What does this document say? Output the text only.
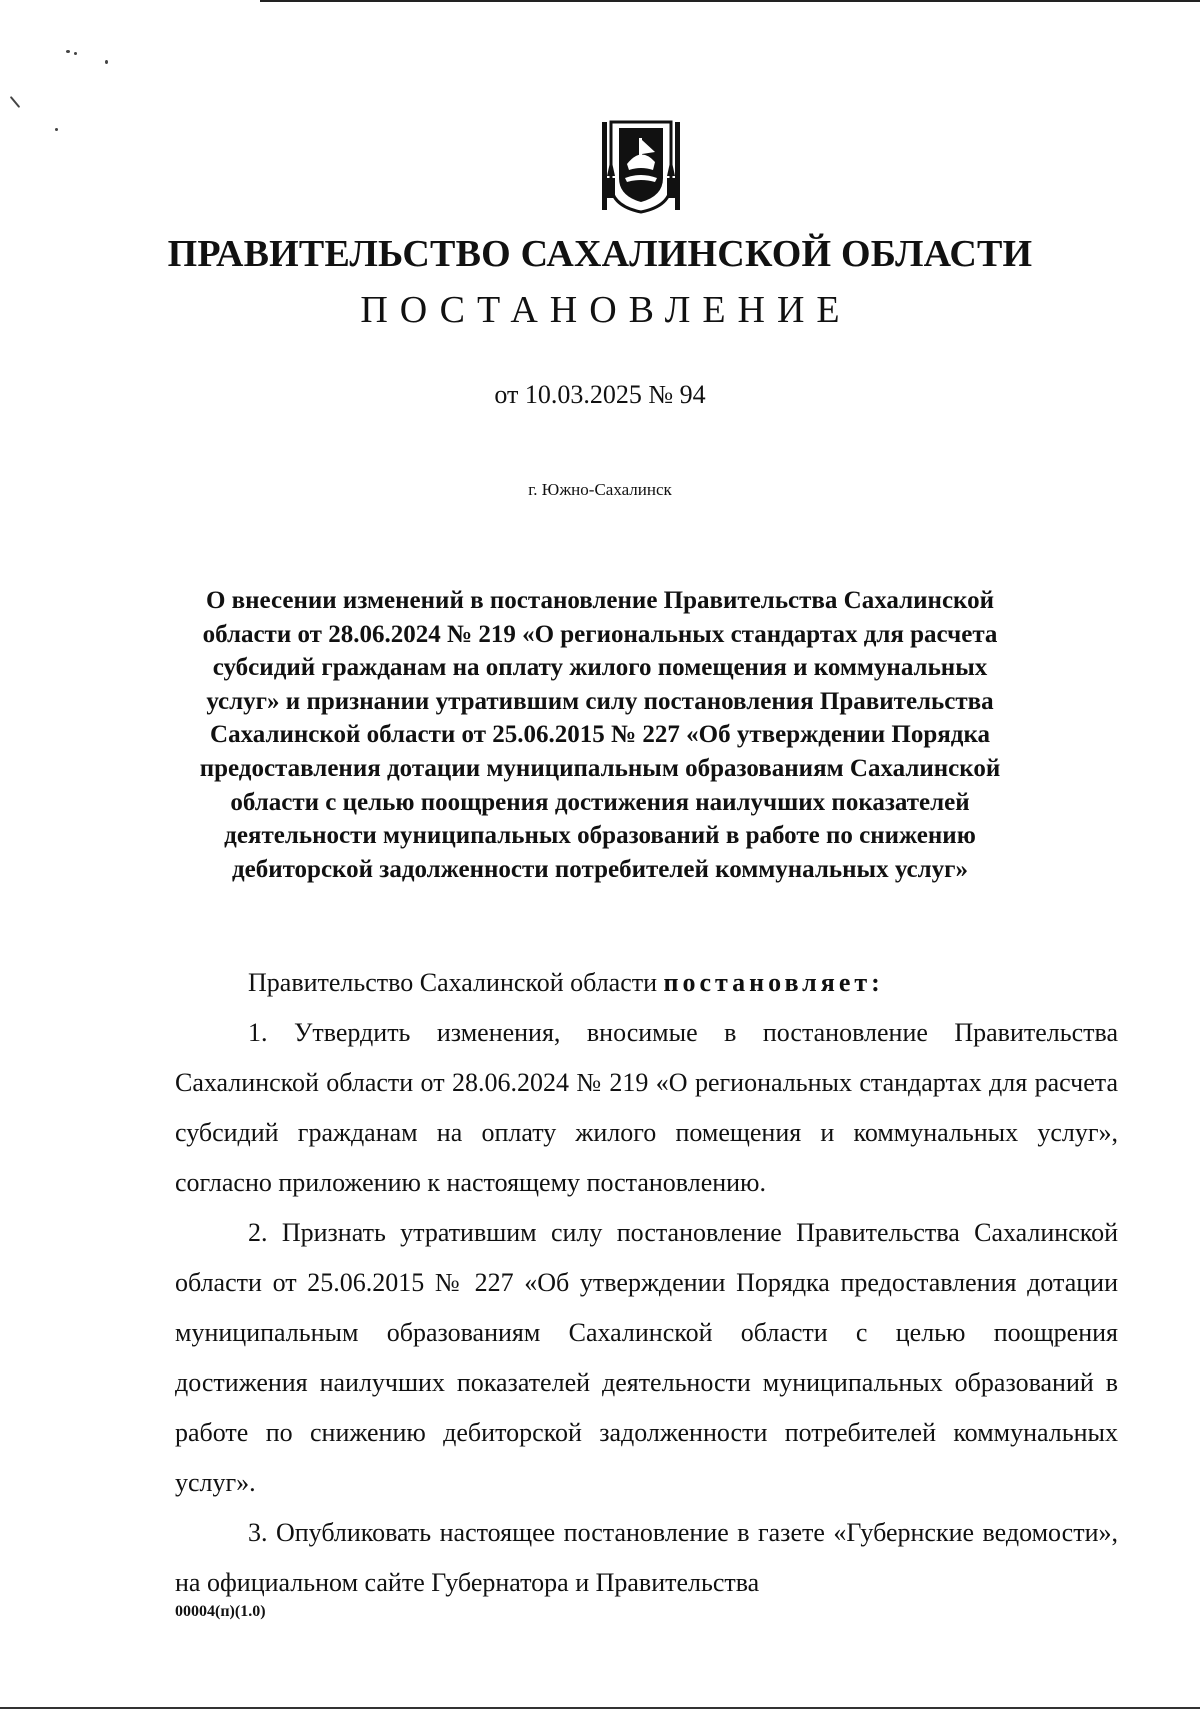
ПРАВИТЕЛЬСТВО САХАЛИНСКОЙ ОБЛАСТИ
ПОСТАНОВЛЕНИЕ
от 10.03.2025 № 94
г. Южно-Сахалинск
О внесении изменений в постановление Правительства Сахалинской
области от 28.06.2024 № 219 «О региональных стандартах для расчета
субсидий гражданам на оплату жилого помещения и коммунальных
услуг» и признании утратившим силу постановления Правительства
Сахалинской области от 25.06.2015 № 227 «Об утверждении Порядка
предоставления дотации муниципальным образованиям Сахалинской
области с целью поощрения достижения наилучших показателей
деятельности муниципальных образований в работе по снижению
дебиторской задолженности потребителей коммунальных услуг»

Правительство Сахалинской области постановляет:

1. Утвердить изменения, вносимые в постановление Правительства Сахалинской области от 28.06.2024 № 219 «О региональных стандартах для расчета субсидий гражданам на оплату жилого помещения и коммунальных услуг», согласно приложению к настоящему постановлению.

2. Признать утратившим силу постановление Правительства Сахалинской области от 25.06.2015 № 227 «Об утверждении Порядка предоставления дотации муниципальным образованиям Сахалинской области с целью поощрения достижения наилучших показателей деятельности муниципальных образований в работе по снижению дебиторской задолженности потребителей коммунальных услуг».

3. Опубликовать настоящее постановление в газете «Губернские ведомости», на официальном сайте Губернатора и Правительства

00004(п)(1.0)
